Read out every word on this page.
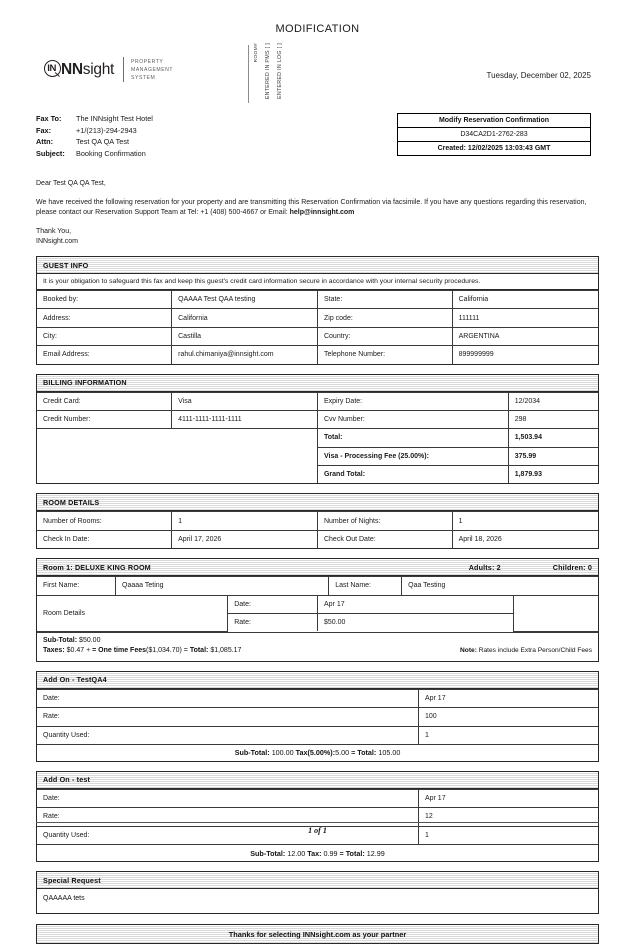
MODIFICATION
IN NNsight	PROPERTY
MANAGEMENT
SYSTEM
ROOM# ENTERED IN PMS [ ] ENTERED IN LOG [ ]	Tuesday, December 02, 2025
Fax To:	The INNsight Test Hotel
Fax:	+1/(213)-294-2943
Attn:	Test QA QA Test
Subject:	Booking Confirmation
Modify Reservation Confirmation
D34CA2D1-2762-283
Created: 12/02/2025 13:03:43 GMT

Dear Test QA QA Test,

We have received the following reservation for your property and are transmitting this Reservation Confirmation via facsimile. If you have any questions regarding this reservation, please contact our Reservation Support Team at Tel: +1 (408) 500-4667 or Email: help@innsight.com

Thank You,

INNsight.com

GUEST INFO
It is your obligation to safeguard this fax and keep this guest's credit card information secure in accordance with your internal security procedures.
Booked by:	QAAAA Test QAA testing	State:	California
Address:	California	Zip code:	111111
City:	Castilla	Country:	ARGENTINA
Email Address:	rahul.chimaniya@innsight.com	Telephone Number:	899999999
BILLING INFORMATION
Credit Card:	Visa	Expiry Date:	12/2034
Credit Number:	4111-1111-1111-1111	Cvv Number:	298
		Total:	1,503.94
		Visa - Processing Fee (25.00%):	375.99
		Grand Total:	1,879.93
ROOM DETAILS
Number of Rooms:	1	Number of Nights:	1
Check In Date:	April 17, 2026	Check Out Date:	April 18, 2026
Room 1: DELUXE KING ROOM	Adults: 2	Children: 0
First Name:	Qaaaa Teting	Last Name:	Qaa Testing
Room Details	Date:	Apr 17	
	Rate:	$50.00	
Sub-Total: $50.00
Taxes: $0.47 + = One time Fees($1,034.70) = Total: $1,085.17	Note: Rates include Extra Person/Child Fees
Add On - TestQA4
Date:	Apr 17
Rate:	100
Quantity Used:	1
Sub-Total: 100.00 Tax(5.00%):5.00 = Total: 105.00
Add On - test
Date:	Apr 17
Rate:	12
Quantity Used:	1
Sub-Total: 12.00 Tax: 0.99 = Total: 12.99
Special Request
QAAAAA tets
Thanks for selecting INNsight.com as your partner
1 of 1
